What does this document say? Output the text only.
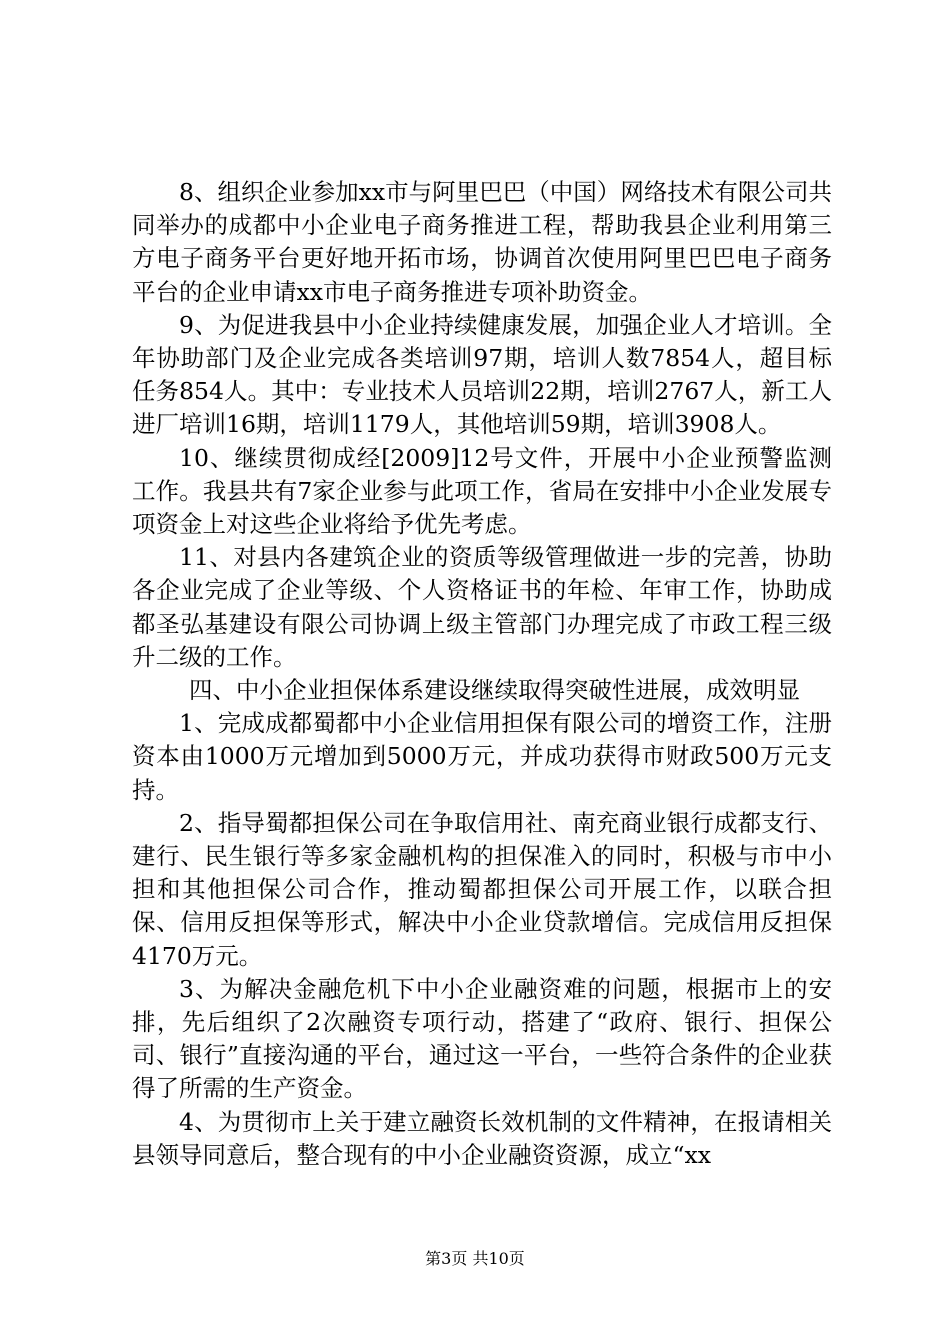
8、组织企业参加xx市与阿里巴巴（中国）网络技术有限公司共同举办的成都中小企业电子商务推进工程，帮助我县企业利用第三方电子商务平台更好地开拓市场，协调首次使用阿里巴巴电子商务平台的企业申请xx市电子商务推进专项补助资金。

9、为促进我县中小企业持续健康发展，加强企业人才培训。全年协助部门及企业完成各类培训97期，培训人数7854人，超目标任务854人。其中：专业技术人员培训22期，培训2767人，新工人进厂培训16期，培训1179人，其他培训59期，培训3908人。

10、继续贯彻成经[2009]12号文件，开展中小企业预警监测工作。我县共有7家企业参与此项工作，省局在安排中小企业发展专项资金上对这些企业将给予优先考虑。

11、对县内各建筑企业的资质等级管理做进一步的完善，协助各企业完成了企业等级、个人资格证书的年检、年审工作，协助成都圣弘基建设有限公司协调上级主管部门办理完成了市政工程三级升二级的工作。

四、中小企业担保体系建设继续取得突破性进展，成效明显

1、完成成都蜀都中小企业信用担保有限公司的增资工作，注册资本由1000万元增加到5000万元，并成功获得市财政500万元支持。

2、指导蜀都担保公司在争取信用社、南充商业银行成都支行、建行、民生银行等多家金融机构的担保准入的同时，积极与市中小担和其他担保公司合作，推动蜀都担保公司开展工作，以联合担保、信用反担保等形式，解决中小企业贷款增信。完成信用反担保4170万元。

3、为解决金融危机下中小企业融资难的问题，根据市上的安排，先后组织了2次融资专项行动，搭建了“政府、银行、担保公司、银行”直接沟通的平台，通过这一平台，一些符合条件的企业获得了所需的生产资金。

4、为贯彻市上关于建立融资长效机制的文件精神，在报请相关县领导同意后，整合现有的中小企业融资资源，成立“xx

第3页 共10页
